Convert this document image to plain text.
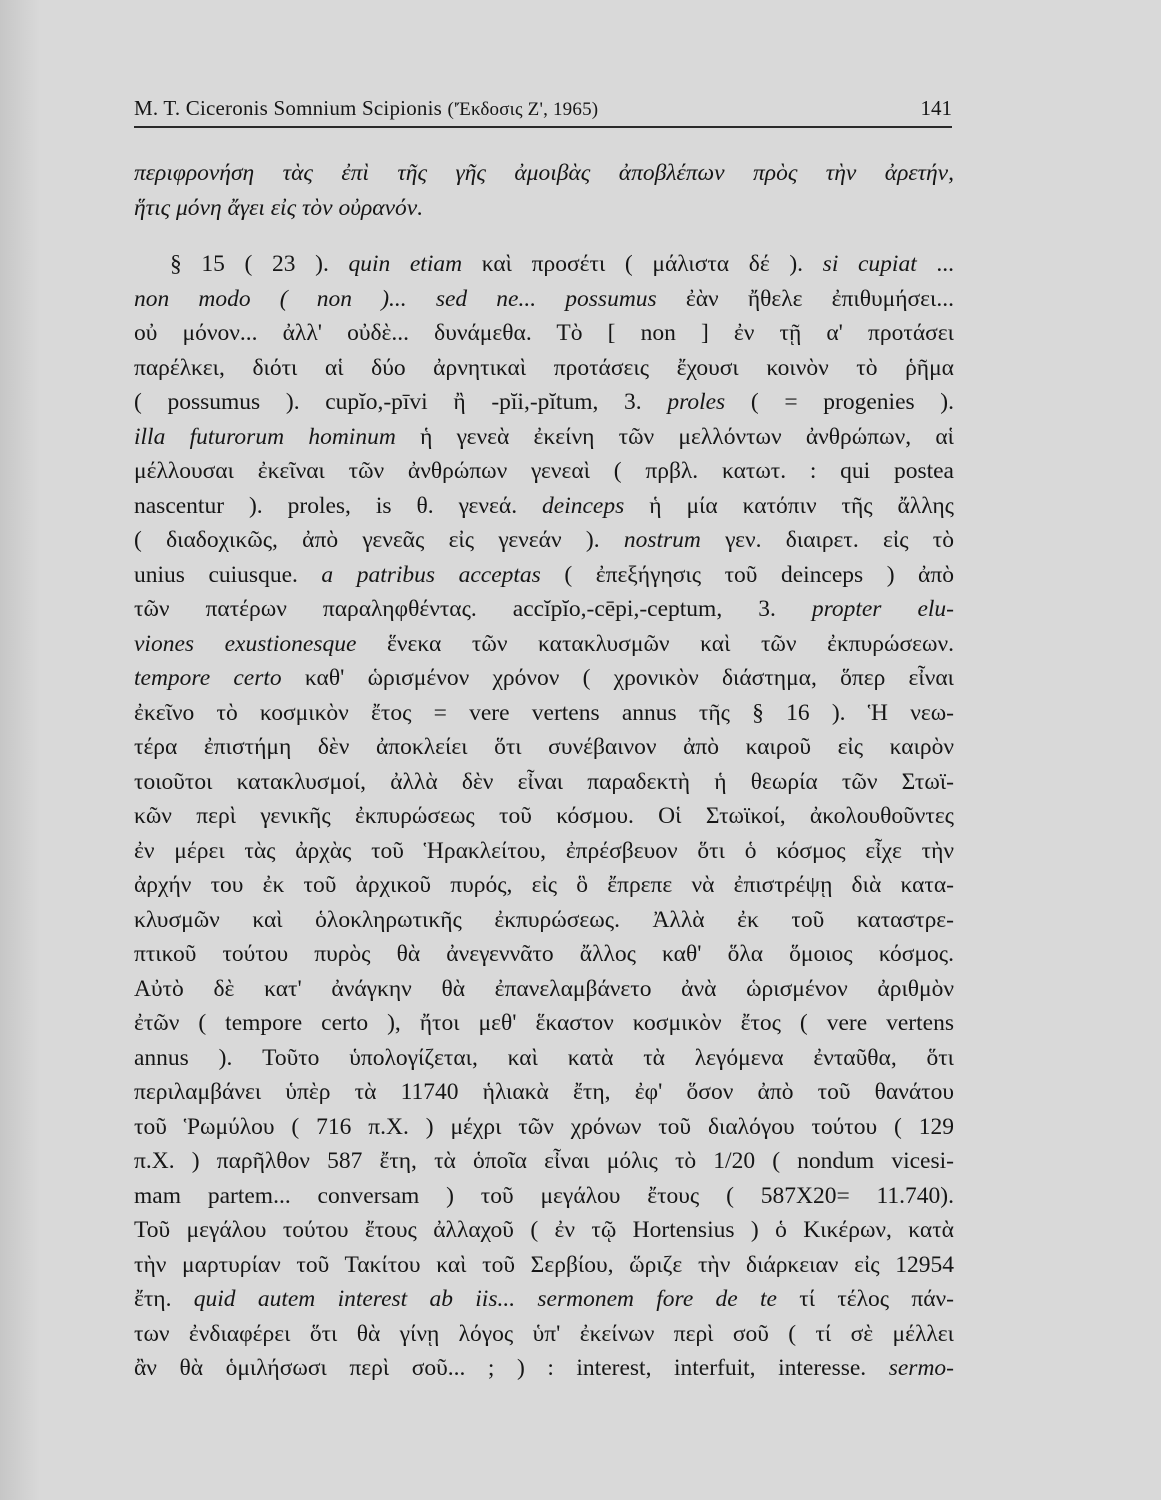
M. T. Ciceronis Somnium Scipionis ('Έκδοσις Ζ', 1965)	141
περιφρονήση τὰς ἐπὶ τῆς γῆς ἀμοιβὰς ἀποβλέπων πρὸς τὴν ἀρετήν,
ἥτις μόνη ἄγει εἰς τὸν οὐρανόν.
§ 15 ( 23 ). quin etiam καὶ προσέτι ( μάλιστα δέ ). si cupiat ...
non modo ( non )... sed ne... possumus ἐὰν ἤθελε ἐπιθυμήσει...
οὐ μόνον... ἀλλ' οὐδὲ... δυνάμεθα. Τὸ [ non ] ἐν τῇ α' προτάσει
παρέλκει, διότι αἱ δύο ἀρνητικαὶ προτάσεις ἔχουσι κοινὸν τὸ ῥῆμα
( possumus ). cupĭo,-pīvi ἢ -pĭi,-pĭtum, 3. proles ( = progenies ).
illa futurorum hominum ἡ γενεὰ ἐκείνη τῶν μελλόντων ἀνθρώπων, αἱ
μέλλουσαι ἐκεῖναι τῶν ἀνθρώπων γενεαὶ ( πρβλ. κατωτ. : qui postea
nascentur ). proles, is θ. γενεά. deinceps ἡ μία κατόπιν τῆς ἄλλης
( διαδοχικῶς, ἀπὸ γενεᾶς εἰς γενεάν ). nostrum γεν. διαιρετ. εἰς τὸ
unius cuiusque. a patribus acceptas ( ἐπεξήγησις τοῦ deinceps ) ἀπὸ
τῶν πατέρων παραληφθέντας. accĭpĭo,-cēpi,-ceptum, 3. propter elu-
viones exustionesque ἕνεκα τῶν κατακλυσμῶν καὶ τῶν ἐκπυρώσεων.
tempore certo καθ' ὡρισμένον χρόνον ( χρονικὸν διάστημα, ὅπερ εἶναι
ἐκεῖνο τὸ κοσμικὸν ἔτος = vere vertens annus τῆς § 16 ). Ἡ νεω-
τέρα ἐπιστήμη δὲν ἀποκλείει ὅτι συνέβαινον ἀπὸ καιροῦ εἰς καιρὸν
τοιοῦτοι κατακλυσμοί, ἀλλὰ δὲν εἶναι παραδεκτὴ ἡ θεωρία τῶν Στωϊ-
κῶν περὶ γενικῆς ἐκπυρώσεως τοῦ κόσμου. Οἱ Στωϊκοί, ἀκολουθοῦντες
ἐν μέρει τὰς ἀρχὰς τοῦ Ἡρακλείτου, ἐπρέσβευον ὅτι ὁ κόσμος εἶχε τὴν
ἀρχήν του ἐκ τοῦ ἀρχικοῦ πυρός, εἰς ὃ ἔπρεπε νὰ ἐπιστρέψῃ διὰ κατα-
κλυσμῶν καὶ ὁλοκληρωτικῆς ἐκπυρώσεως. Ἀλλὰ ἐκ τοῦ καταστρε-
πτικοῦ τούτου πυρὸς θὰ ἀνεγεννᾶτο ἄλλος καθ' ὅλα ὅμοιος κόσμος.
Αὐτὸ δὲ κατ' ἀνάγκην θὰ ἐπανελαμβάνετο ἀνὰ ὡρισμένον ἀριθμὸν
ἐτῶν ( tempore certo ), ἤτοι μεθ' ἕκαστον κοσμικὸν ἔτος ( vere vertens
annus ). Τοῦτο ὑπολογίζεται, καὶ κατὰ τὰ λεγόμενα ἐνταῦθα, ὅτι
περιλαμβάνει ὑπὲρ τὰ 11740 ἡλιακὰ ἔτη, ἐφ' ὅσον ἀπὸ τοῦ θανάτου
τοῦ Ῥωμύλου ( 716 π.Χ. ) μέχρι τῶν χρόνων τοῦ διαλόγου τούτου ( 129
π.Χ. ) παρῆλθον 587 ἔτη, τὰ ὁποῖα εἶναι μόλις τὸ 1/20 ( nondum vicesi-
mam partem... conversam ) τοῦ μεγάλου ἔτους ( 587Χ20= 11.740).
Τοῦ μεγάλου τούτου ἔτους ἀλλαχοῦ ( ἐν τῷ Hortensius ) ὁ Κικέρων, κατὰ
τὴν μαρτυρίαν τοῦ Τακίτου καὶ τοῦ Σερβίου, ὥριζε τὴν διάρκειαν εἰς 12954
ἔτη. quid autem interest ab iis... sermonem fore de te τί τέλος πάν-
των ἐνδιαφέρει ὅτι θὰ γίνῃ λόγος ὑπ' ἐκείνων περὶ σοῦ ( τί σὲ μέλλει
ἂν θὰ ὁμιλήσωσι περὶ σοῦ... ; ) : interest, interfuit, interesse. sermo-
